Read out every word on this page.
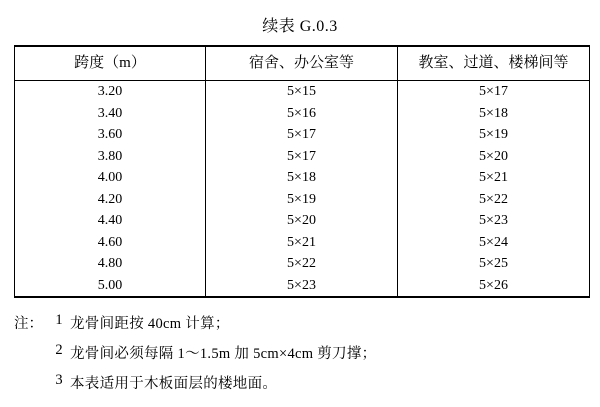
续表 G.0.3
跨度（m）	宿舍、办公室等	教室、过道、楼梯间等
3.20	5×15	5×17
3.40	5×16	5×18
3.60	5×17	5×19
3.80	5×17	5×20
4.00	5×18	5×21
4.20	5×19	5×22
4.40	5×20	5×23
4.60	5×21	5×24
4.80	5×22	5×25
5.00	5×23	5×26
注： 1 龙骨间距按 40cm 计算；
2 龙骨间必须每隔 1～1.5m 加 5cm×4cm 剪刀撑；
3 本表适用于木板面层的楼地面。
